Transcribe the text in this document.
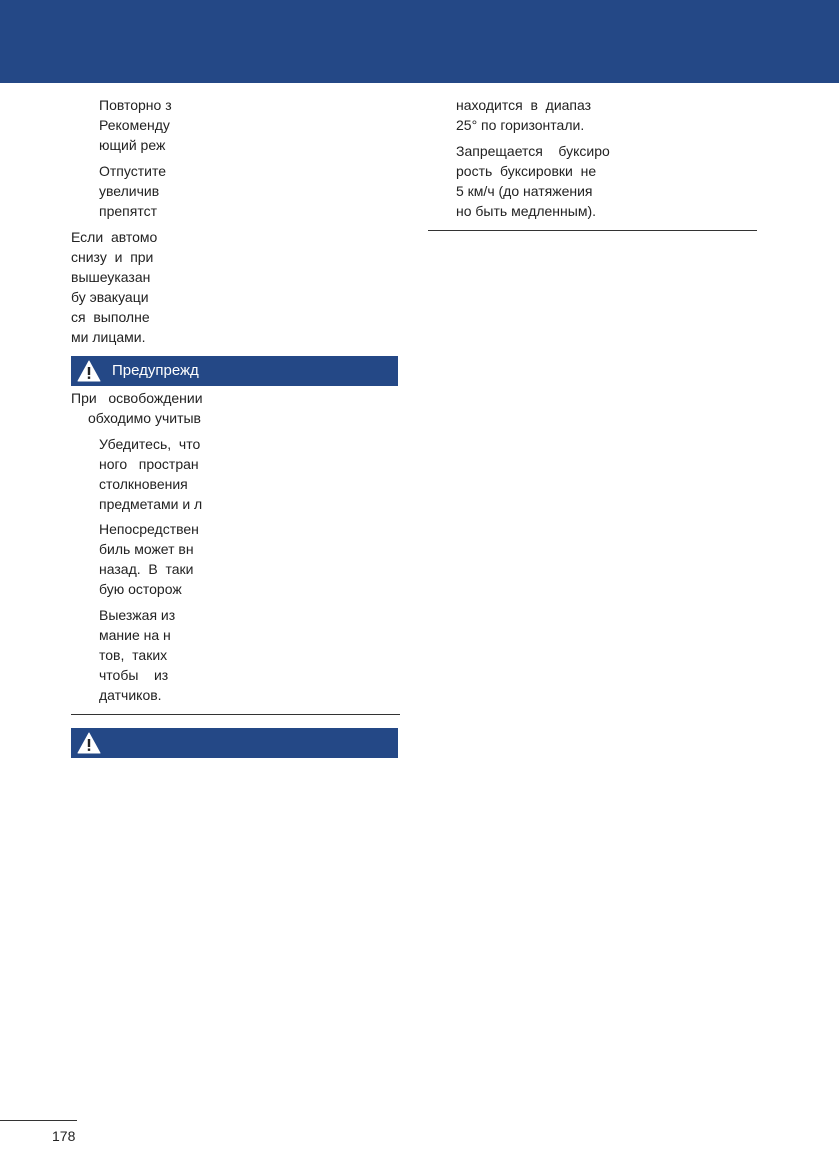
Повторно з
Рекоменду
ющий реж
Отпустите
увеличив
препятст
Если  автомо
снизу  и  при
вышеуказан
бу эвакуаци
ся  выполне
ми лицами.
Предупрежд
При   освобождении
обходимо учитыв
Убедитесь,  что
ного   простран
столкновения
предметами и л
Непосредствен
биль может вн
назад.  В  таки
бую осторож
Выезжая из
мание на н
тов,  таких
чтобы    из
датчиков.
находится  в  диапаз
25° по горизонтали.
Запрещается    буксиро
рость  буксировки  не
5 км/ч (до натяжения
но быть медленным).
178
